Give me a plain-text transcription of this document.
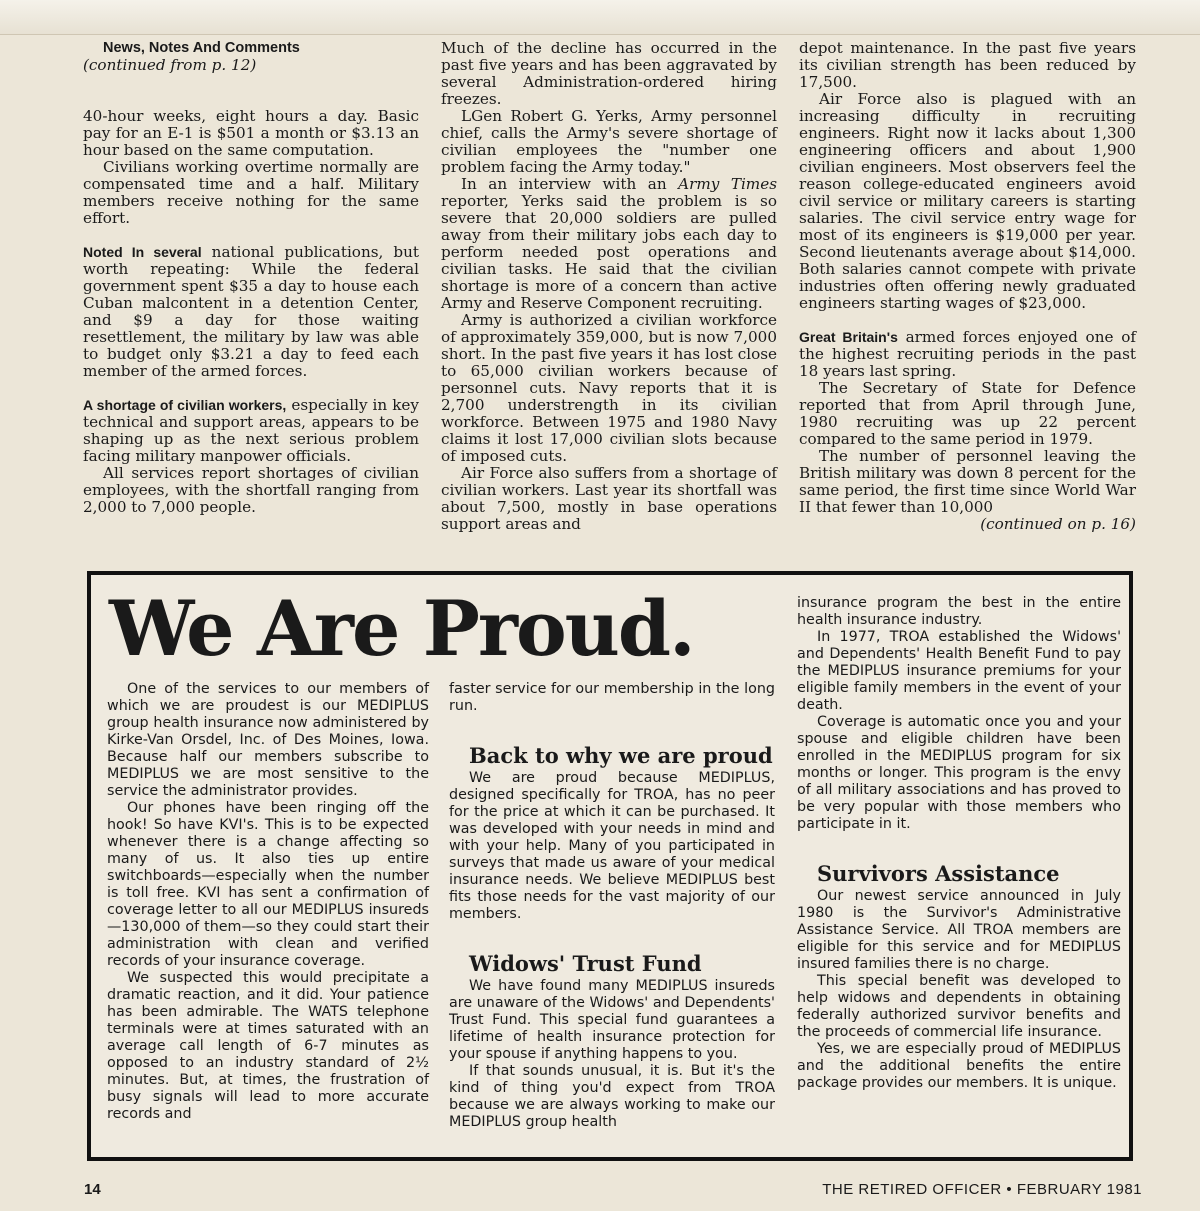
News, Notes And Comments

(continued from p. 12)

40-hour weeks, eight hours a day. Basic pay for an E-1 is $501 a month or $3.13 an hour based on the same computation.

Civilians working overtime normally are compensated time and a half. Military members receive nothing for the same effort.

Noted In several national publications, but worth repeating: While the federal government spent $35 a day to house each Cuban malcontent in a detention Center, and $9 a day for those waiting resettlement, the military by law was able to budget only $3.21 a day to feed each member of the armed forces.

A shortage of civilian workers, especially in key technical and support areas, appears to be shaping up as the next serious problem facing military manpower officials.

All services report shortages of civilian employees, with the shortfall ranging from 2,000 to 7,000 people.

Much of the decline has occurred in the past five years and has been aggravated by several Administration-ordered hiring freezes.

LGen Robert G. Yerks, Army personnel chief, calls the Army's severe shortage of civilian employees the "number one problem facing the Army today."

In an interview with an Army Times reporter, Yerks said the problem is so severe that 20,000 soldiers are pulled away from their military jobs each day to perform needed post operations and civilian tasks. He said that the civilian shortage is more of a concern than active Army and Reserve Component recruiting.

Army is authorized a civilian workforce of approximately 359,000, but is now 7,000 short. In the past five years it has lost close to 65,000 civilian workers because of personnel cuts. Navy reports that it is 2,700 understrength in its civilian workforce. Between 1975 and 1980 Navy claims it lost 17,000 civilian slots because of imposed cuts.

Air Force also suffers from a shortage of civilian workers. Last year its shortfall was about 7,500, mostly in base operations support areas and

depot maintenance. In the past five years its civilian strength has been reduced by 17,500.

Air Force also is plagued with an increasing difficulty in recruiting engineers. Right now it lacks about 1,300 engineering officers and about 1,900 civilian engineers. Most observers feel the reason college-educated engineers avoid civil service or military careers is starting salaries. The civil service entry wage for most of its engineers is $19,000 per year. Second lieutenants average about $14,000. Both salaries cannot compete with private industries often offering newly graduated engineers starting wages of $23,000.

Great Britain's armed forces enjoyed one of the highest recruiting periods in the past 18 years last spring.

The Secretary of State for Defence reported that from April through June, 1980 recruiting was up 22 percent compared to the same period in 1979.

The number of personnel leaving the British military was down 8 percent for the same period, the first time since World War II that fewer than 10,000

(continued on p. 16)

We Are Proud.

One of the services to our members of which we are proudest is our MEDIPLUS group health insurance now administered by Kirke-Van Orsdel, Inc. of Des Moines, Iowa. Because half our members subscribe to MEDIPLUS we are most sensitive to the service the administrator provides.

Our phones have been ringing off the hook! So have KVI's. This is to be expected whenever there is a change affecting so many of us. It also ties up entire switchboards—especially when the number is toll free. KVI has sent a confirmation of coverage letter to all our MEDIPLUS insureds—130,000 of them—so they could start their administration with clean and verified records of your insurance coverage.

We suspected this would precipitate a dramatic reaction, and it did. Your patience has been admirable. The WATS telephone terminals were at times saturated with an average call length of 6-7 minutes as opposed to an industry standard of 2½ minutes. But, at times, the frustration of busy signals will lead to more accurate records and

faster service for our membership in the long run.

Back to why we are proud

We are proud because MEDIPLUS, designed specifically for TROA, has no peer for the price at which it can be purchased. It was developed with your needs in mind and with your help. Many of you participated in surveys that made us aware of your medical insurance needs. We believe MEDIPLUS best fits those needs for the vast majority of our members.

Widows' Trust Fund

We have found many MEDIPLUS insureds are unaware of the Widows' and Dependents' Trust Fund. This special fund guarantees a lifetime of health insurance protection for your spouse if anything happens to you.

If that sounds unusual, it is. But it's the kind of thing you'd expect from TROA because we are always working to make our MEDIPLUS group health

insurance program the best in the entire health insurance industry.

In 1977, TROA established the Widows' and Dependents' Health Benefit Fund to pay the MEDIPLUS insurance premiums for your eligible family members in the event of your death.

Coverage is automatic once you and your spouse and eligible children have been enrolled in the MEDIPLUS program for six months or longer. This program is the envy of all military associations and has proved to be very popular with those members who participate in it.

Survivors Assistance

Our newest service announced in July 1980 is the Survivor's Administrative Assistance Service. All TROA members are eligible for this service and for MEDIPLUS insured families there is no charge.

This special benefit was developed to help widows and dependents in obtaining federally authorized survivor benefits and the proceeds of commercial life insurance.

Yes, we are especially proud of MEDIPLUS and the additional benefits the entire package provides our members. It is unique.

14	THE RETIRED OFFICER • FEBRUARY 1981
